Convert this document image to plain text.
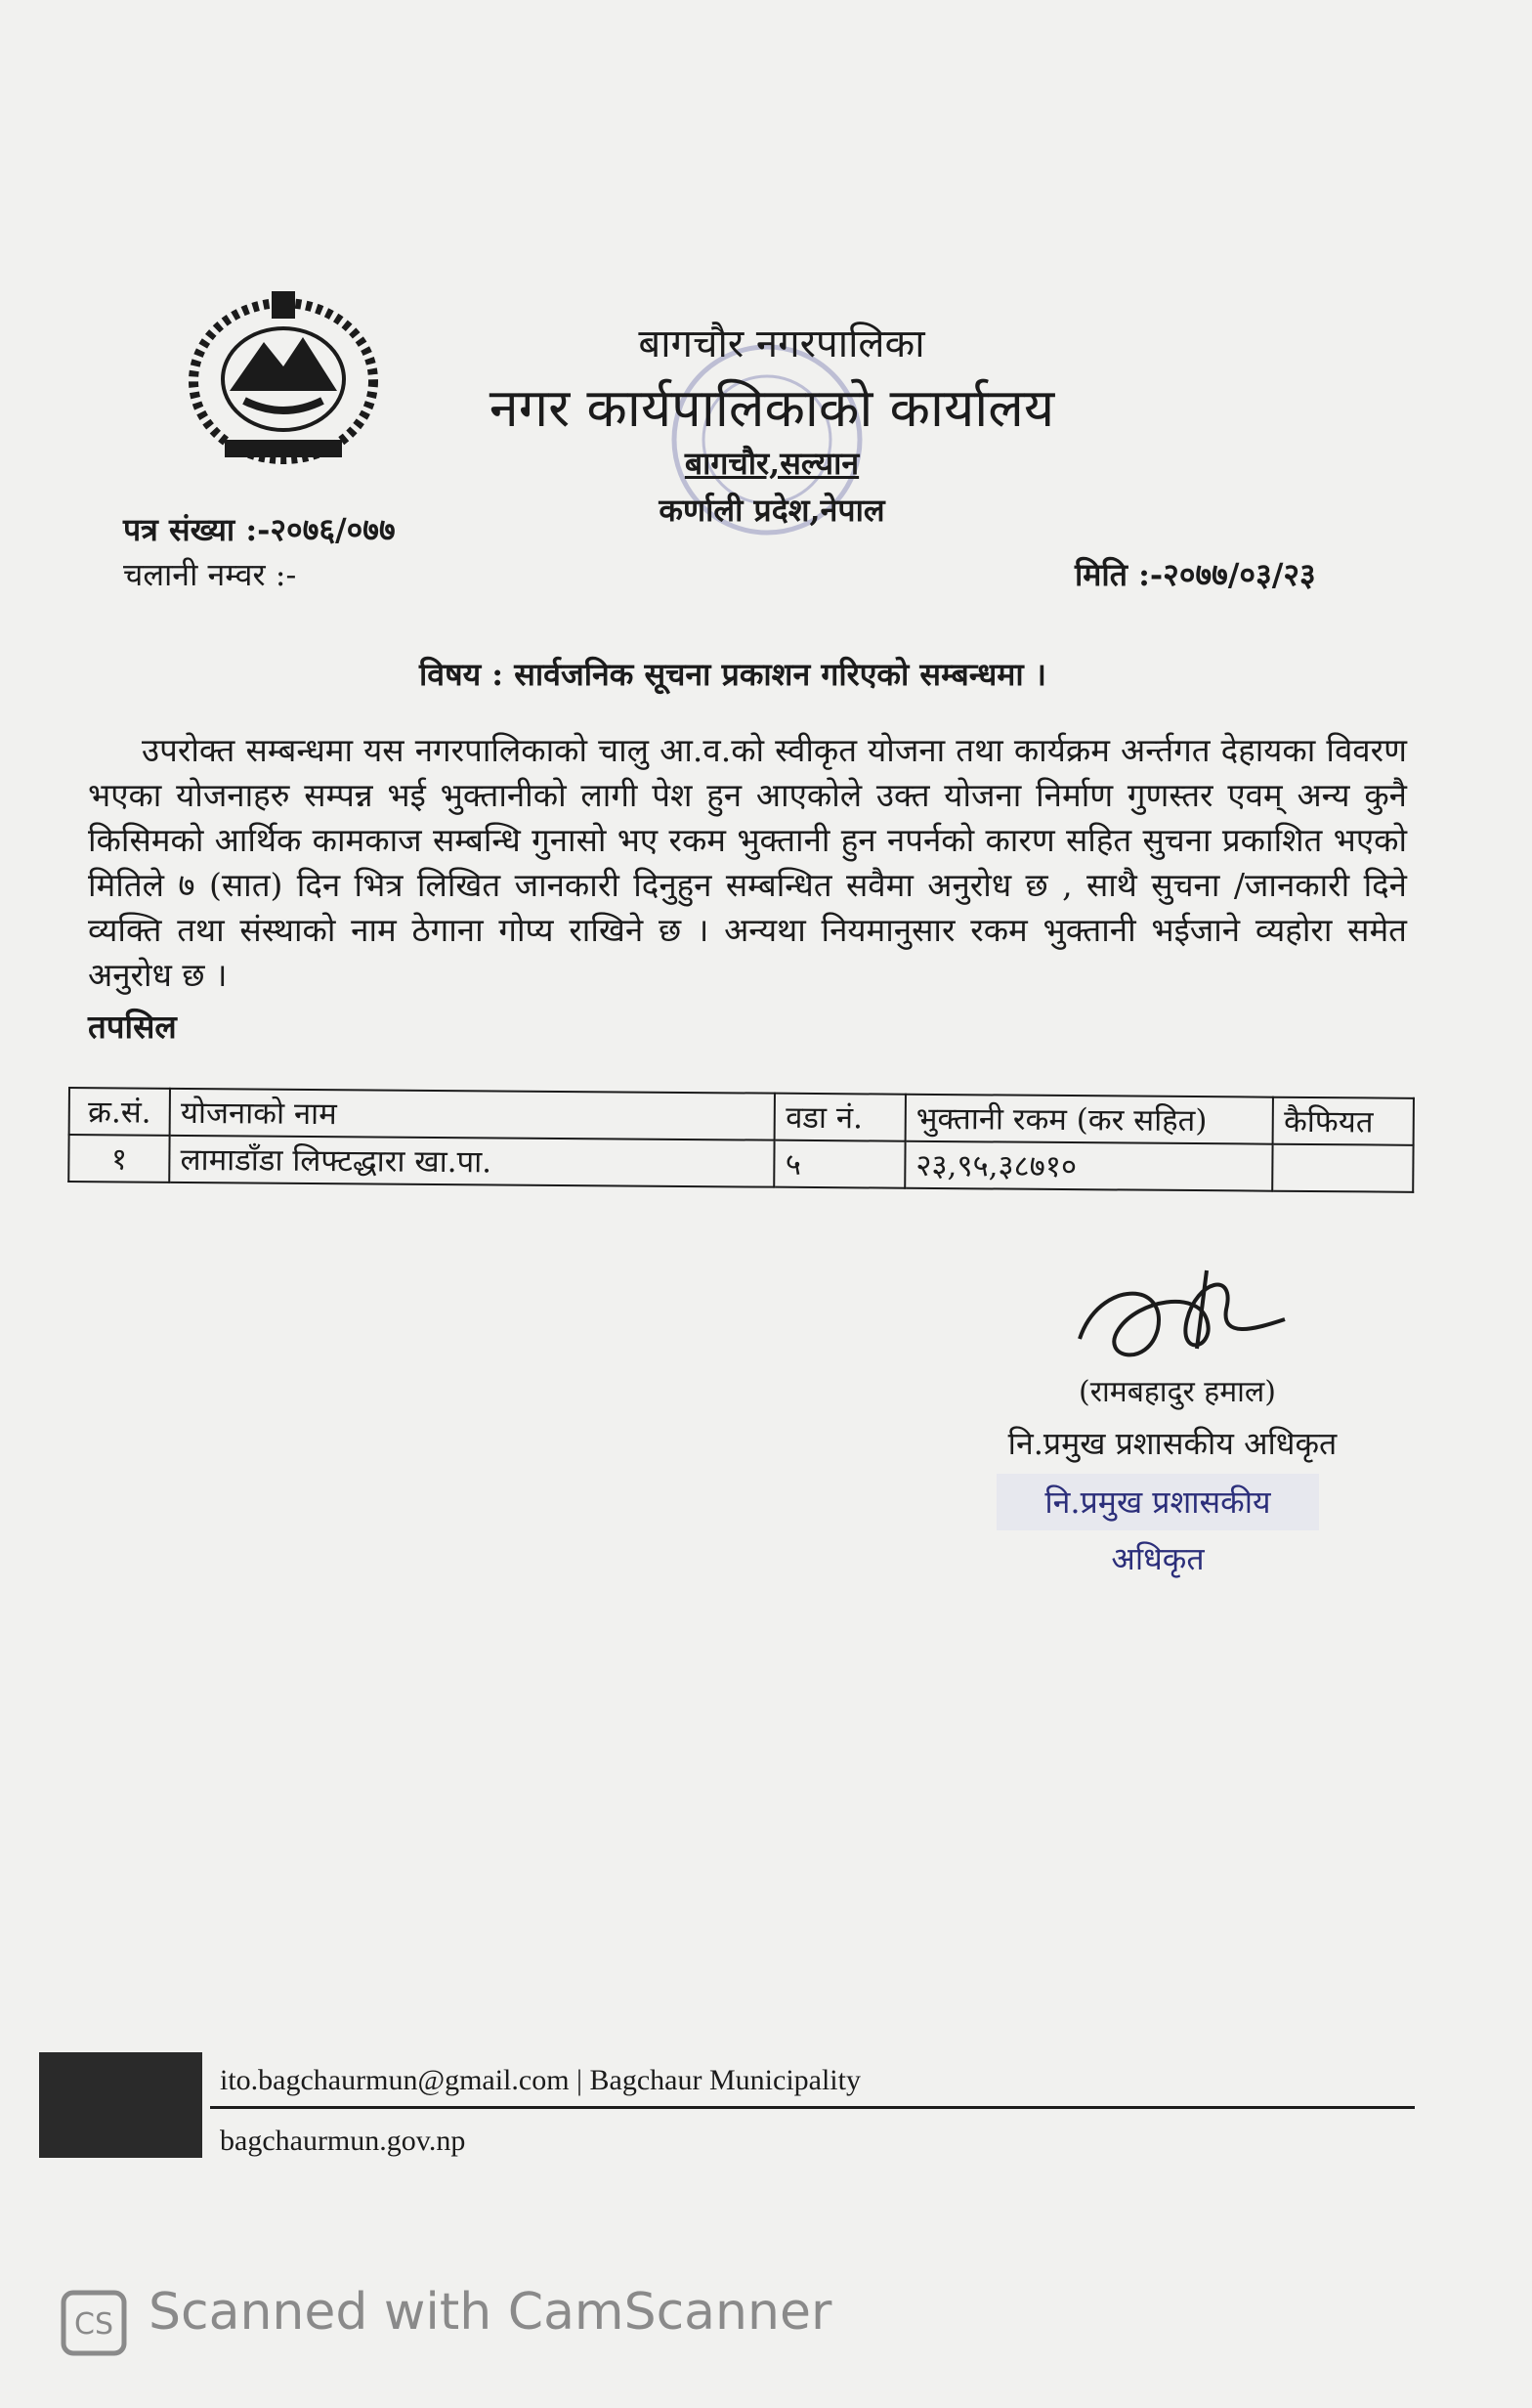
बागचौर नगरपालिका
नगर कार्यपालिकाको कार्यालय
बागचौर,सल्यान
कर्णाली प्रदेश,नेपाल
पत्र संख्या :-२०७६/०७७
चलानी नम्वर :-	मिति :-२०७७/०३/२३
विषय : सार्वजनिक सूचना प्रकाशन गरिएको सम्बन्धमा ।
उपरोक्त सम्बन्धमा यस नगरपालिकाको चालु आ.व.को स्वीकृत योजना तथा कार्यक्रम अर्न्तगत देहायका विवरण भएका योजनाहरु सम्पन्न भई भुक्तानीको लागी पेश हुन आएकोले उक्त योजना निर्माण गुणस्तर एवम् अन्य कुनै किसिमको आर्थिक कामकाज सम्बन्धि गुनासो भए रकम भुक्तानी हुन नपर्नको कारण सहित सुचना प्रकाशित भएको मितिले ७ (सात) दिन भित्र लिखित जानकारी दिनुहुन सम्बन्धित सवैमा अनुरोध छ , साथै सुचना /जानकारी दिने व्यक्ति तथा संस्थाको नाम ठेगाना गोप्य राखिने छ । अन्यथा नियमानुसार रकम भुक्तानी भईजाने व्यहोरा समेत अनुरोध छ ।
तपसिल
क्र.सं.	योजनाको नाम	वडा नं.	भुक्तानी रकम (कर सहित)	कैफियत
१	लामाडाँडा लिफ्टद्धारा खा.पा.	५	२३,९५,३८७१०	
(रामबहादुर हमाल)
नि.प्रमुख प्रशासकीय अधिकृत
नि.प्रमुख प्रशासकीय अधिकृत
ito.bagchaurmun@gmail.com | Bagchaur Municipality
bagchaurmun.gov.np
CS Scanned with CamScanner
